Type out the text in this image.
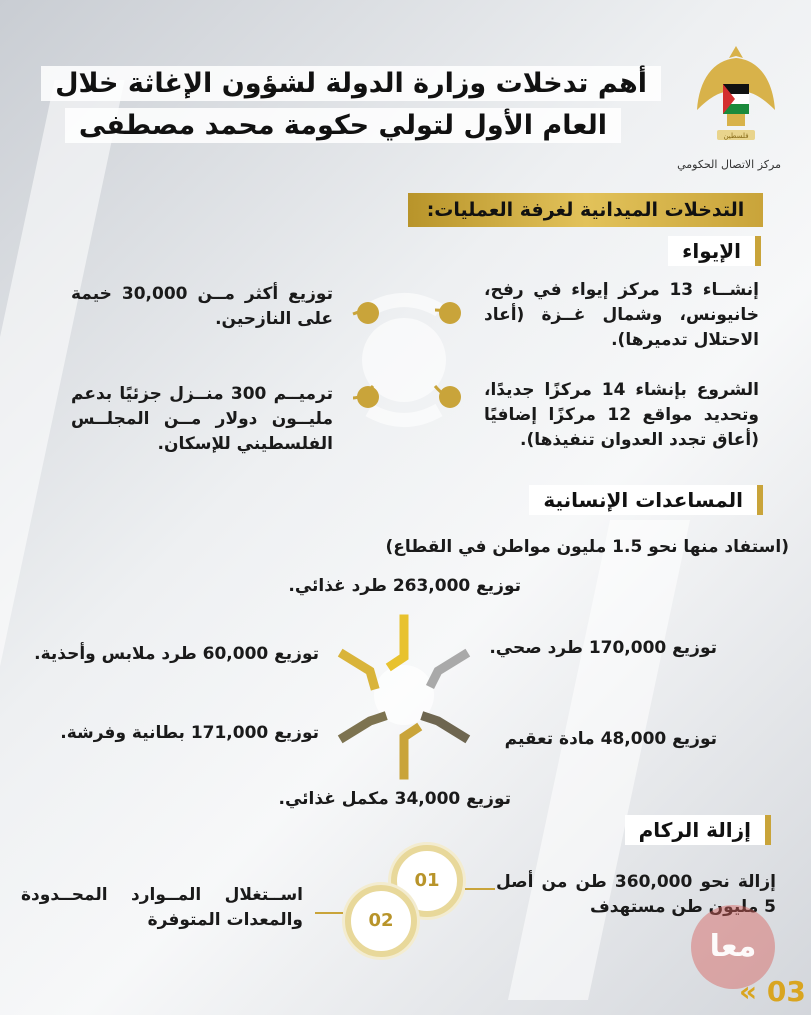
أهم تدخلات وزارة الدولة لشؤون الإغاثة خلال
العام الأول لتولي حكومة محمد مصطفى	فلسطين
مركز الاتصال الحكومي
التدخلات الميدانية لغرفة العمليات:
الإيواء
إنشــاء 13 مركز إيواء في رفح، خانيونس، وشمال غــزة (أعاد الاحتلال تدميرها).
توزيع أكثر مــن 30,000 خيمة على النازحين.
الشروع بإنشاء 14 مركزًا جديدًا، وتحديد مواقع 12 مركزًا إضافيًا (أعاق تجدد العدوان تنفيذها).
ترميــم 300 منــزل جزئيًا بدعم مليــون دولار مــن المجلــس الفلسطيني للإسكان.
المساعدات الإنسانية
(استفاد منها نحو 1.5 مليون مواطن في القطاع)
توزيع 263,000 طرد غذائي.
توزيع 170,000 طرد صحي.
توزيع 60,000 طرد ملابس وأحذية.
توزيع 48,000 مادة تعقيم
توزيع 171,000 بطانية وفرشة.
توزيع 34,000 مكمل غذائي.
إزالة الركام
01
02
إزالة نحو 360,000 طن من أصل 5 مليون طن مستهدف
اســتغلال المــوارد المحــدودة والمعدات المتوفرة
معا
03 »
